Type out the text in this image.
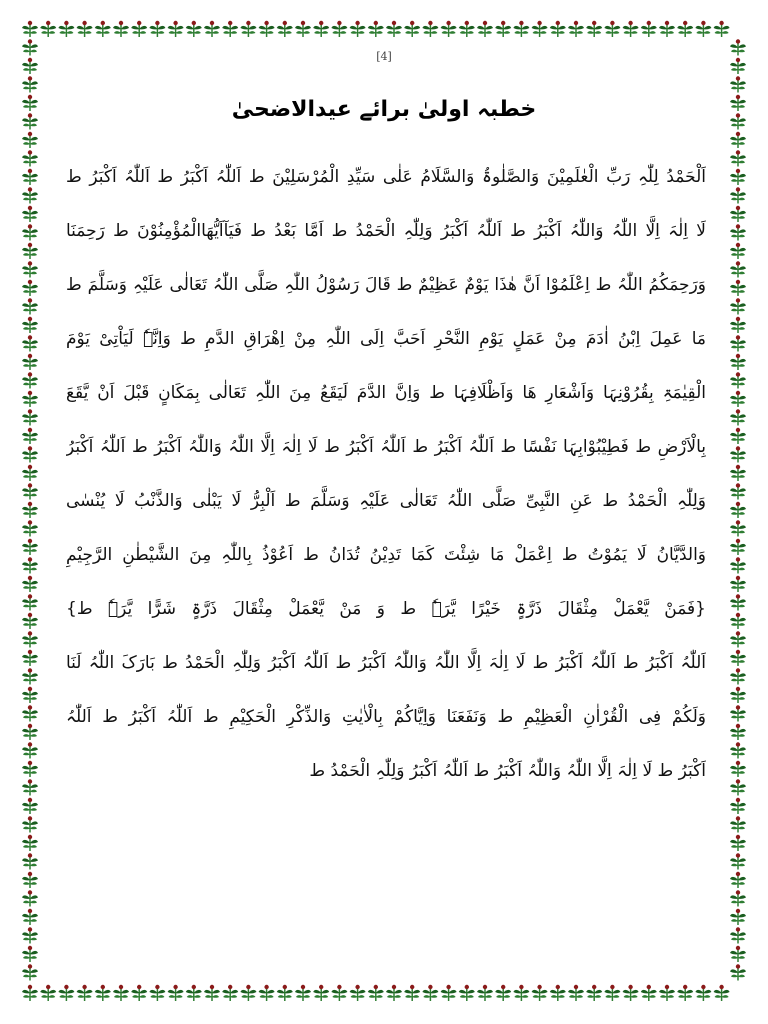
[4]
خطبہ اولیٰ برائے عیدالاضحیٰ
اَلْحَمْدُ لِلّٰہِ رَبِّ الْعٰلَمِیْنَ وَالصَّلٰوۃُ وَالسَّلَامُ عَلٰی سَیِّدِ الْمُرْسَلِیْنَ ط اَللّٰہُ اَکْبَرُ ط اَللّٰہُ اَکْبَرُ ط
لَا اِلٰہَ اِلَّا اللّٰہُ وَاللّٰہُ اَکْبَرُ ط اَللّٰہُ اَکْبَرُ وَلِلّٰہِ الْحَمْدُ ط اَمَّا بَعْدُ ط فَیَآاَیُّھَاالْمُؤْمِنُوْنَ ط رَحِمَنَا
وَرَحِمَکُمُ اللّٰہُ ط اِعْلَمُوْا اَنَّ ھٰذَا یَوْمٌ عَظِیْمٌ ط قَالَ رَسُوْلُ اللّٰہِ صَلَّی اللّٰہُ تَعَالٰی عَلَیْہِ وَسَلَّمَ ط
مَا عَمِلَ اِبْنُ اٰدَمَ مِنْ عَمَلٍ یَوْمِ النَّحْرِ اَحَبَّ اِلَی اللّٰہِ مِنْ اِھْرَاقِ الدَّمِ ط وَاِنَّہٗ لَیَاْتِیْ یَوْمَ
الْقِیٰمَۃِ بِقُرُوْنِہَا وَاَشْعَارِ ھَا وَاَظْلَافِہَا ط وَاِنَّ الدَّمَ لَیَقَعُ مِنَ اللّٰہِ تَعَالٰی بِمَکَانٍ قَبْلَ اَنْ یَّقَعَ
بِالْاَرْضِ ط فَطِیْبُوْابِہَا نَفْسًا ط اَللّٰہُ اَکْبَرُ ط اَللّٰہُ اَکْبَرُ ط لَا اِلٰہَ اِلَّا اللّٰہُ وَاللّٰہُ اَکْبَرُ ط اَللّٰہُ اَکْبَرُ
وَلِلّٰہِ الْحَمْدُ ط عَنِ النَّبِیِّ صَلَّی اللّٰہُ تَعَالٰی عَلَیْہِ وَسَلَّمَ ط اَلْبِرُّ لَا یَبْلٰی وَالذَّنْبُ لَا یُنْسٰی
وَالدَّیَّانُ لَا یَمُوْتُ ط اِعْمَلْ مَا شِئْتَ کَمَا تَدِیْنُ تُدَانُ ط اَعُوْذُ بِاللّٰہِ مِنَ الشَّیْطٰنِ الرَّجِیْمِ
{فَمَنْ یَّعْمَلْ مِثْقَالَ ذَرَّۃٍ خَیْرًا یَّرَہٗ ط وَ مَنْ یَّعْمَلْ مِثْقَالَ ذَرَّۃٍ شَرًّا یَّرَہٗ ط}
اَللّٰہُ اَکْبَرُ ط اَللّٰہُ اَکْبَرُ ط لَا اِلٰہَ اِلَّا اللّٰہُ وَاللّٰہُ اَکْبَرُ ط اَللّٰہُ اَکْبَرُ وَلِلّٰہِ الْحَمْدُ ط بَارَکَ اللّٰہُ لَنَا
وَلَکُمْ فِی الْقُرْاٰنِ الْعَظِیْمِ ط وَنَفَعَنَا وَاِیَّاکُمْ بِالْاٰیٰتِ وَالذِّکْرِ الْحَکِیْمِ ط اَللّٰہُ اَکْبَرُ ط اَللّٰہُ
اَکْبَرُ ط لَا اِلٰہَ اِلَّا اللّٰہُ وَاللّٰہُ اَکْبَرُ ط اَللّٰہُ اَکْبَرُ وَلِلّٰہِ الْحَمْدُ ط
